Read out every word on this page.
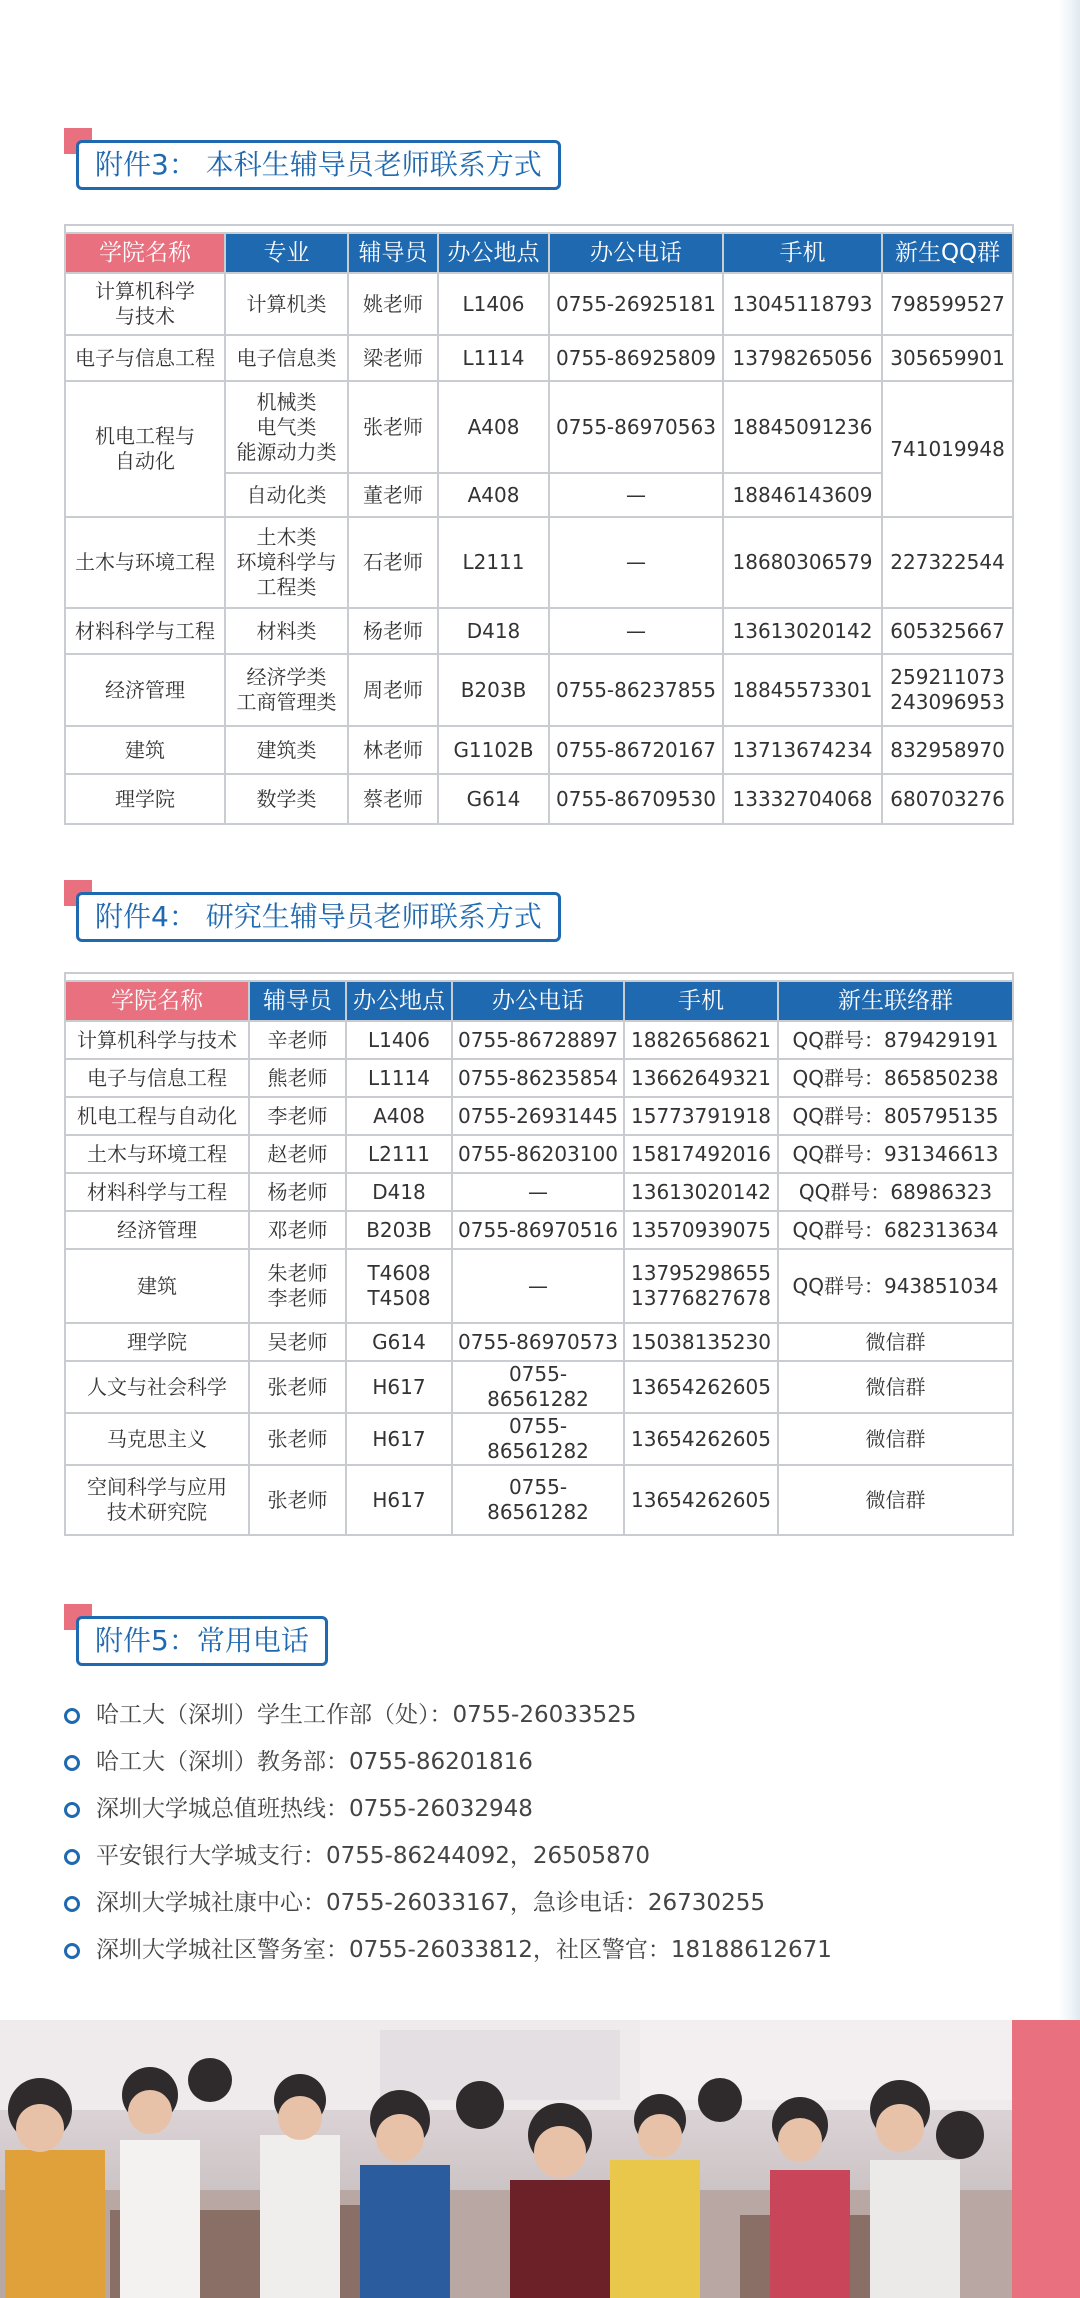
附件3： 本科生辅导员老师联系方式

学院名称	专业	辅导员	办公地点	办公电话	手机	新生QQ群
计算机科学
与技术	计算机类	姚老师	L1406	0755-26925181	13045118793	798599527
电子与信息工程	电子信息类	梁老师	L1114	0755-86925809	13798265056	305659901
机电工程与
自动化	机械类
电气类
能源动力类	张老师	A408	0755-86970563	18845091236	741019948
	自动化类	董老师	A408	—	18846143609	
土木与环境工程	土木类
环境科学与
工程类	石老师	L2111	—	18680306579	227322544
材料科学与工程	材料类	杨老师	D418	—	13613020142	605325667
经济管理	经济学类
工商管理类	周老师	B203B	0755-86237855	18845573301	259211073
243096953
建筑	建筑类	林老师	G1102B	0755-86720167	13713674234	832958970
理学院	数学类	蔡老师	G614	0755-86709530	13332704068	680703276
附件4： 研究生辅导员老师联系方式

学院名称	辅导员	办公地点	办公电话	手机	新生联络群
计算机科学与技术	辛老师	L1406	0755-86728897	18826568621	QQ群号：879429191
电子与信息工程	熊老师	L1114	0755-86235854	13662649321	QQ群号：865850238
机电工程与自动化	李老师	A408	0755-26931445	15773791918	QQ群号：805795135
土木与环境工程	赵老师	L2111	0755-86203100	15817492016	QQ群号：931346613
材料科学与工程	杨老师	D418	—	13613020142	QQ群号：68986323
经济管理	邓老师	B203B	0755-86970516	13570939075	QQ群号：682313634
建筑	朱老师
李老师	T4608
T4508	—	13795298655
13776827678	QQ群号：943851034
理学院	吴老师	G614	0755-86970573	15038135230	微信群
人文与社会科学	张老师	H617	0755- 86561282	13654262605	微信群
马克思主义	张老师	H617	0755- 86561282	13654262605	微信群
空间科学与应用
技术研究院	张老师	H617	0755- 86561282	13654262605	微信群
附件5：常用电话
哈工大（深圳）学生工作部（处）：0755-26033525
哈工大（深圳）教务部：0755-86201816
深圳大学城总值班热线：0755-26032948
平安银行大学城支行：0755-86244092，26505870
深圳大学城社康中心：0755-26033167，急诊电话：26730255
深圳大学城社区警务室：0755-26033812，社区警官：18188612671
